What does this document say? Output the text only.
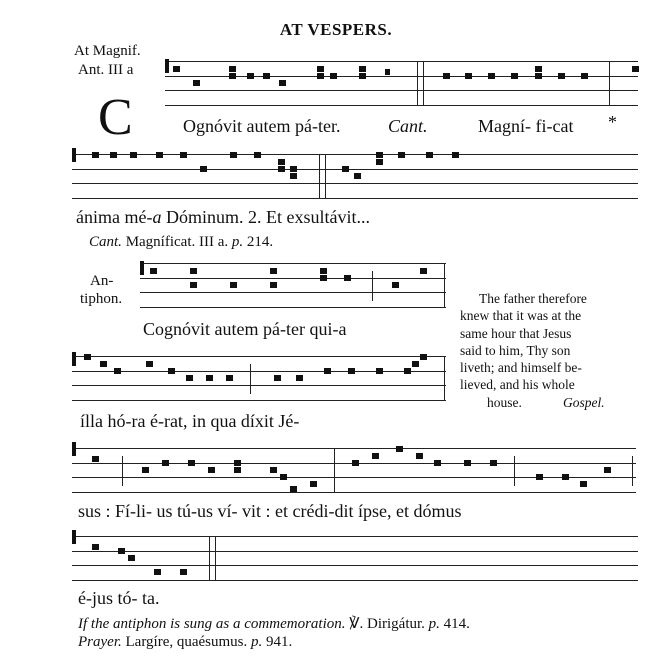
AT VESPERS.
At Magnif.
Ant. III a
C	Ognóvit autem pá-ter.	Cant.	Magní- fi-cat *
ánima mé-a Dóminum. 2. Et exsultávit...
Cant. Magníficat. III a. p. 214.
An-
tiphon.
Cognóvit autem pá-ter qui-a
The father therefore
knew that it was at the
same hour that Jesus
said to him, Thy son
liveth; and himself be-
lieved, and his whole
house.	Gospel.
ílla hó-ra é-rat, in qua díxit Jé-
sus : Fí-li- us tú-us ví- vit : et crédi-dit ípse, et dómus
é-jus tó- ta.
If the antiphon is sung as a commemoration. ℣. Dirigátur. p. 414.
Prayer. Largíre, quaésumus. p. 941.
